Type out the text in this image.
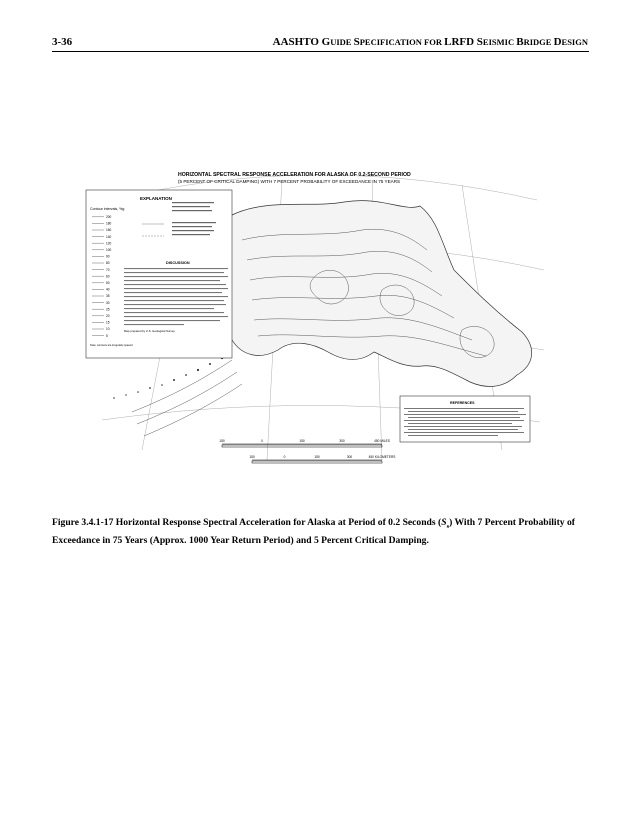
3-36	AASHTO GUIDE SPECIFICATION FOR LRFD SEISMIC BRIDGE DESIGN
HORIZONTAL SPECTRAL RESPONSE ACCELERATION FOR ALASKA OF 0.2-SECOND PERIOD
(5 PERCENT OF CRITICAL DAMPING) WITH 7 PERCENT PROBABILITY OF EXCEEDANCE IN 75 YEARS
EXPLANATION
Contour intervals, %g
200
180
160
140
120
100
90
80
70
60
50
40
35
30
25
20
15
10
5
DISCUSSION
Map prepared by U.S. Geological Survey
Note: contours are irregularly spaced
REFERENCES
150	0	150	300	450 MILES
150	0	150	300	450 KILOMETERS
Figure 3.4.1-17 Horizontal Response Spectral Acceleration for Alaska at Period of 0.2 Seconds $(S_s)$ With 7 Percent Probability of Exceedance in 75 Years (Approx. 1000 Year Return Period) and 5 Percent Critical Damping.
